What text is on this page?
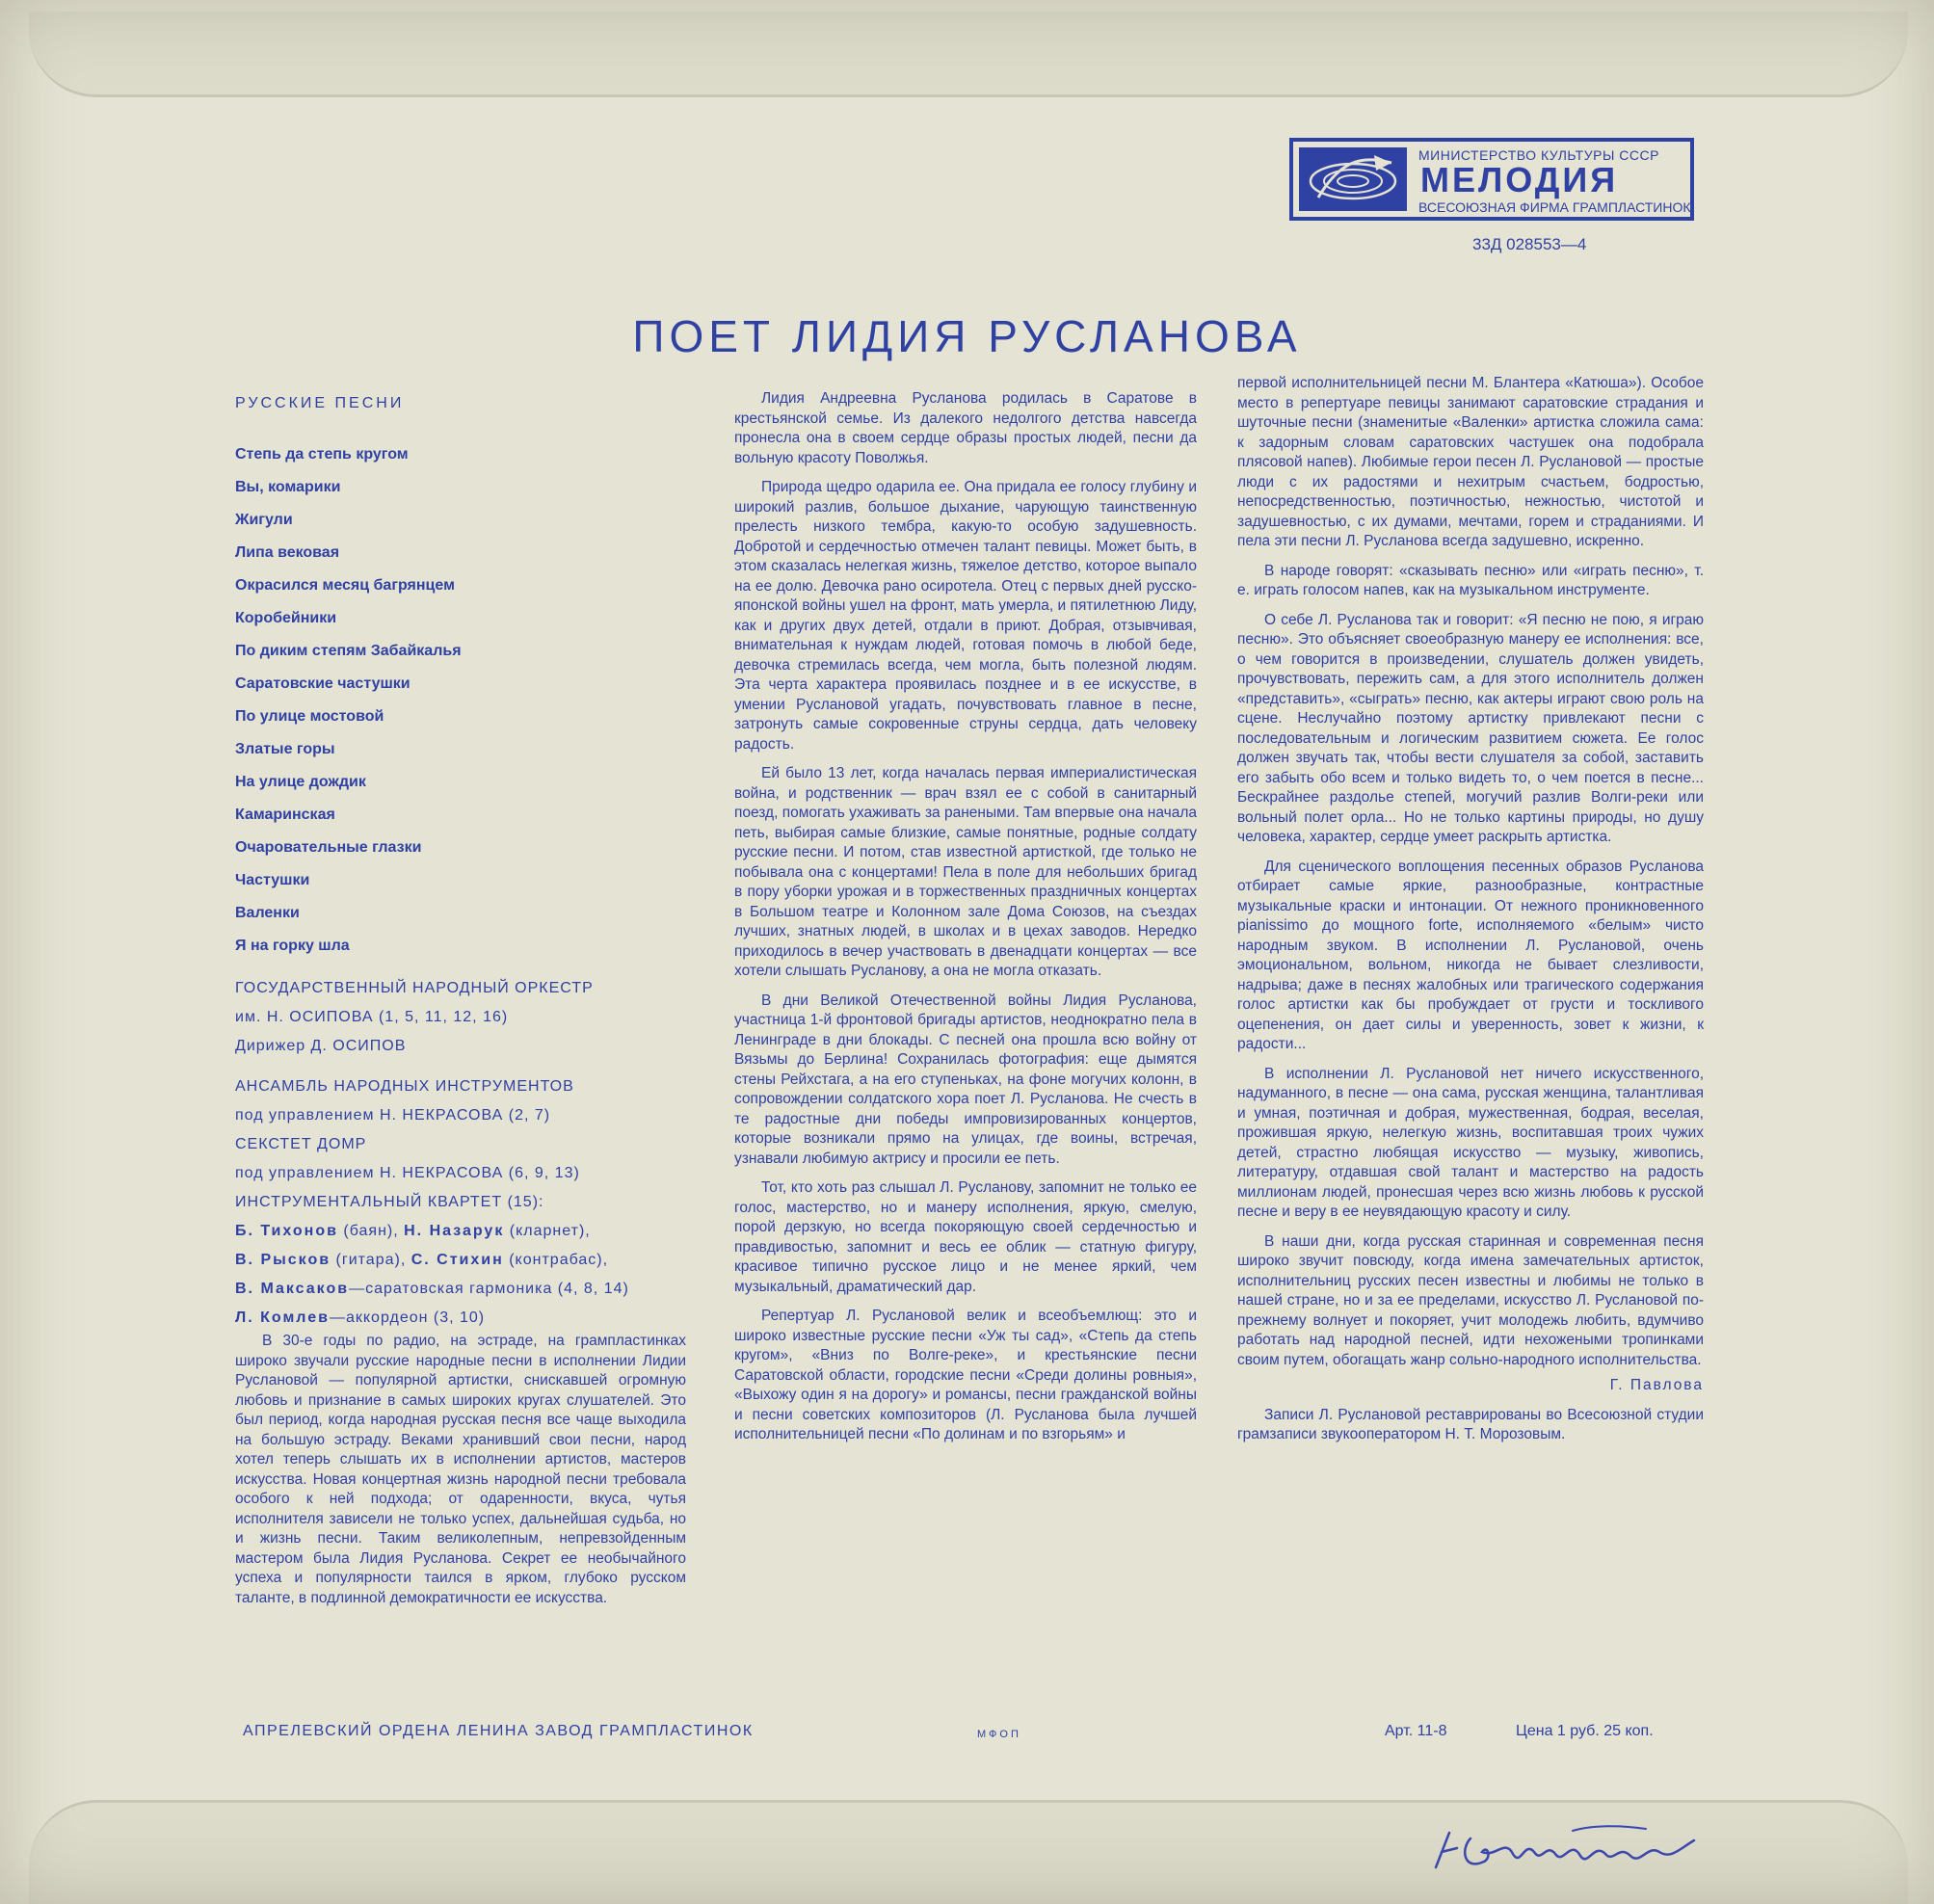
МИНИСТЕРСТВО КУЛЬТУРЫ СССР
МЕЛОДИЯ
ВСЕСОЮЗНАЯ ФИРМА ГРАМПЛАСТИНОК
33Д 028553—4
ПОЕТ ЛИДИЯ РУСЛАНОВА
РУССКИЕ ПЕСНИ
Степь да степь кругом
Вы, комарики
Жигули
Липа вековая
Окрасился месяц багрянцем
Коробейники
По диким степям Забайкалья
Саратовские частушки
По улице мостовой
Златые горы
На улице дождик
Камаринская
Очаровательные глазки
Частушки
Валенки
Я на горку шла
ГОСУДАРСТВЕННЫЙ НАРОДНЫЙ ОРКЕСТР
им. Н. ОСИПОВА (1, 5, 11, 12, 16)
Дирижер Д. ОСИПОВ
АНСАМБЛЬ НАРОДНЫХ ИНСТРУМЕНТОВ
под управлением Н. НЕКРАСОВА (2, 7)
СЕКСТЕТ ДОМР
под управлением Н. НЕКРАСОВА (6, 9, 13)
ИНСТРУМЕНТАЛЬНЫЙ КВАРТЕТ (15):
Б. Тихонов (баян), Н. Назарук (кларнет),
В. Рысков (гитара), С. Стихин (контрабас),
В. Максаков—саратовская гармоника (4, 8, 14)
Л. Комлев—аккордеон (3, 10)

В 30-е годы по радио, на эстраде, на грампластинках широко звучали русские народные песни в исполнении Лидии Руслановой — популярной артистки, снискавшей огромную любовь и признание в самых широких кругах слушателей. Это был период, когда народная русская песня все чаще выходила на большую эстраду. Веками хранивший свои песни, народ хотел теперь слышать их в исполнении артистов, мастеров искусства. Новая концертная жизнь народной песни требовала особого к ней подхода; от одаренности, вкуса, чутья исполнителя зависели не только успех, дальнейшая судьба, но и жизнь песни. Таким великолепным, непревзойденным мастером была Лидия Русланова. Секрет ее необычайного успеха и популярности таился в ярком, глубоко русском таланте, в подлинной демократичности ее искусства.

Лидия Андреевна Русланова родилась в Саратове в крестьянской семье. Из далекого недолгого детства навсегда пронесла она в своем сердце образы простых людей, песни да вольную красоту Поволжья.

Природа щедро одарила ее. Она придала ее голосу глубину и широкий разлив, большое дыхание, чарующую таинственную прелесть низкого тембра, какую-то особую задушевность. Добротой и сердечностью отмечен талант певицы. Может быть, в этом сказалась нелегкая жизнь, тяжелое детство, которое выпало на ее долю. Девочка рано осиротела. Отец с первых дней русско-японской войны ушел на фронт, мать умерла, и пятилетнюю Лиду, как и других двух детей, отдали в приют. Добрая, отзывчивая, внимательная к нуждам людей, готовая помочь в любой беде, девочка стремилась всегда, чем могла, быть полезной людям. Эта черта характера проявилась позднее и в ее искусстве, в умении Руслановой угадать, почувствовать главное в песне, затронуть самые сокровенные струны сердца, дать человеку радость.

Ей было 13 лет, когда началась первая империалистическая война, и родственник — врач взял ее с собой в санитарный поезд, помогать ухаживать за ранеными. Там впервые она начала петь, выбирая самые близкие, самые понятные, родные солдату русские песни. И потом, став известной артисткой, где только не побывала она с концертами! Пела в поле для небольших бригад в пору уборки урожая и в торжественных праздничных концертах в Большом театре и Колонном зале Дома Союзов, на съездах лучших, знатных людей, в школах и в цехах заводов. Нередко приходилось в вечер участвовать в двенадцати концертах — все хотели слышать Русланову, а она не могла отказать.

В дни Великой Отечественной войны Лидия Русланова, участница 1-й фронтовой бригады артистов, неоднократно пела в Ленинграде в дни блокады. С песней она прошла всю войну от Вязьмы до Берлина! Сохранилась фотография: еще дымятся стены Рейхстага, а на его ступеньках, на фоне могучих колонн, в сопровождении солдатского хора поет Л. Русланова. Не счесть в те радостные дни победы импровизированных концертов, которые возникали прямо на улицах, где воины, встречая, узнавали любимую актрису и просили ее петь.

Тот, кто хоть раз слышал Л. Русланову, запомнит не только ее голос, мастерство, но и манеру исполнения, яркую, смелую, порой дерзкую, но всегда покоряющую своей сердечностью и правдивостью, запомнит и весь ее облик — статную фигуру, красивое типично русское лицо и не менее яркий, чем музыкальный, драматический дар.

Репертуар Л. Руслановой велик и всеобъемлющ: это и широко известные русские песни «Уж ты сад», «Степь да степь кругом», «Вниз по Волге-реке», и крестьянские песни Саратовской области, городские песни «Среди долины ровныя», «Выхожу один я на дорогу» и романсы, песни гражданской войны и песни советских композиторов (Л. Русланова была лучшей исполнительницей песни «По долинам и по взгорьям» и

первой исполнительницей песни М. Блантера «Катюша»). Особое место в репертуаре певицы занимают саратовские страдания и шуточные песни (знаменитые «Валенки» артистка сложила сама: к задорным словам саратовских частушек она подобрала плясовой напев). Любимые герои песен Л. Руслановой — простые люди с их радостями и нехитрым счастьем, бодростью, непосредственностью, поэтичностью, нежностью, чистотой и задушевностью, с их думами, мечтами, горем и страданиями. И пела эти песни Л. Русланова всегда задушевно, искренно.

В народе говорят: «сказывать песню» или «играть песню», т. е. играть голосом напев, как на музыкальном инструменте.

О себе Л. Русланова так и говорит: «Я песню не пою, я играю песню». Это объясняет своеобразную манеру ее исполнения: все, о чем говорится в произведении, слушатель должен увидеть, прочувствовать, пережить сам, а для этого исполнитель должен «представить», «сыграть» песню, как актеры играют свою роль на сцене. Неслучайно поэтому артистку привлекают песни с последовательным и логическим развитием сюжета. Ее голос должен звучать так, чтобы вести слушателя за собой, заставить его забыть обо всем и только видеть то, о чем поется в песне... Бескрайнее раздолье степей, могучий разлив Волги-реки или вольный полет орла... Но не только картины природы, но душу человека, характер, сердце умеет раскрыть артистка.

Для сценического воплощения песенных образов Русланова отбирает самые яркие, разнообразные, контрастные музыкальные краски и интонации. От нежного проникновенного pianissimo до мощного forte, исполняемого «белым» чисто народным звуком. В исполнении Л. Руслановой, очень эмоциональном, вольном, никогда не бывает слезливости, надрыва; даже в песнях жалобных или трагического содержания голос артистки как бы пробуждает от грусти и тоскливого оцепенения, он дает силы и уверенность, зовет к жизни, к радости...

В исполнении Л. Руслановой нет ничего искусственного, надуманного, в песне — она сама, русская женщина, талантливая и умная, поэтичная и добрая, мужественная, бодрая, веселая, прожившая яркую, нелегкую жизнь, воспитавшая троих чужих детей, страстно любящая искусство — музыку, живопись, литературу, отдавшая свой талант и мастерство на радость миллионам людей, пронесшая через всю жизнь любовь к русской песне и веру в ее неувядающую красоту и силу.

В наши дни, когда русская старинная и современная песня широко звучит повсюду, когда имена замечательных артисток, исполнительниц русских песен известны и любимы не только в нашей стране, но и за ее пределами, искусство Л. Руслановой по-прежнему волнует и покоряет, учит молодежь любить, вдумчиво работать над народной песней, идти нехожеными тропинками своим путем, обогащать жанр сольно-народного исполнительства.

Г. Павлова

Записи Л. Руслановой реставрированы во Всесоюзной студии грамзаписи звукооператором Н. Т. Морозовым.

АПРЕЛЕВСКИЙ ОРДЕНА ЛЕНИНА ЗАВОД ГРАМПЛАСТИНОК	МФОП	Арт. 11-8	Цена 1 руб. 25 коп.
